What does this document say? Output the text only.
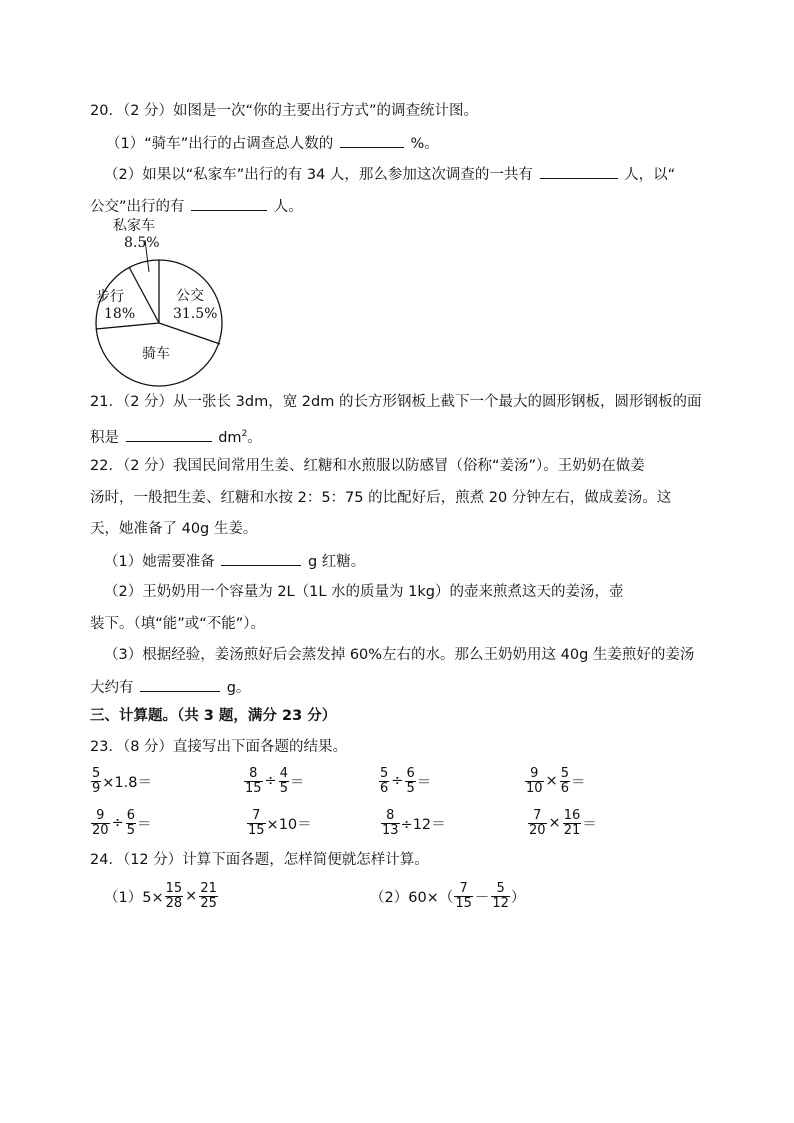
20．（2 分）如图是一次“你的主要出行方式”的调查统计图。
（1）“骑车”出行的占调查总人数的	%。
（2）如果以“私家车”出行的有 34 人，那么参加这次调查的一共有	人，以“
公交”出行的有	人。
私家车
8.5%
公交
31.5%
骑车
步行
18%
21．（2 分）从一张长 3dm，宽 2dm 的长方形钢板上截下一个最大的圆形钢板，圆形钢板的面
积是	$dm^2$。
22．（2 分）我国民间常用生姜、红糖和水煎服以防感冒（俗称“姜汤”）。王奶奶在做姜
汤时，一般把生姜、红糖和水按 2：5：75 的比配好后，煎煮 20 分钟左右，做成姜汤。这
天，她准备了 40g 生姜。
（1）她需要准备	g 红糖。
（2）王奶奶用一个容量为 2L（1L 水的质量为 1kg）的壶来煎煮这天的姜汤，壶
装下。（填“能”或“不能”）。
（3）根据经验，姜汤煎好后会蒸发掉 60%左右的水。那么王奶奶用这 40g 生姜煎好的姜汤
大约有	g。
三、计算题。（共 3 题，满分 23 分）
23．（8 分）直接写出下面各题的结果。
$\frac{5}{9} \times 1.8=$	$\frac{8}{15} \div \frac{4}{5}$ ＝	$\frac{5}{6} \div \frac{6}{5}$ ＝	$\frac{9}{10} \times \frac{5}{6}$ ＝
$\frac{9}{20} \div \frac{6}{5}$ ＝	$\frac{7}{15} \times 10=$	$\frac{8}{13} \div 12=$	$\frac{7}{20} \times \frac{16}{21}$ ＝
24．（12 分）计算下面各题，怎样简便就怎样计算。
$(1)5\times \frac{15}{28} \times \frac{21}{25}$	$(2)60\times( \frac{7}{15} - \frac{5}{12}$ ）
